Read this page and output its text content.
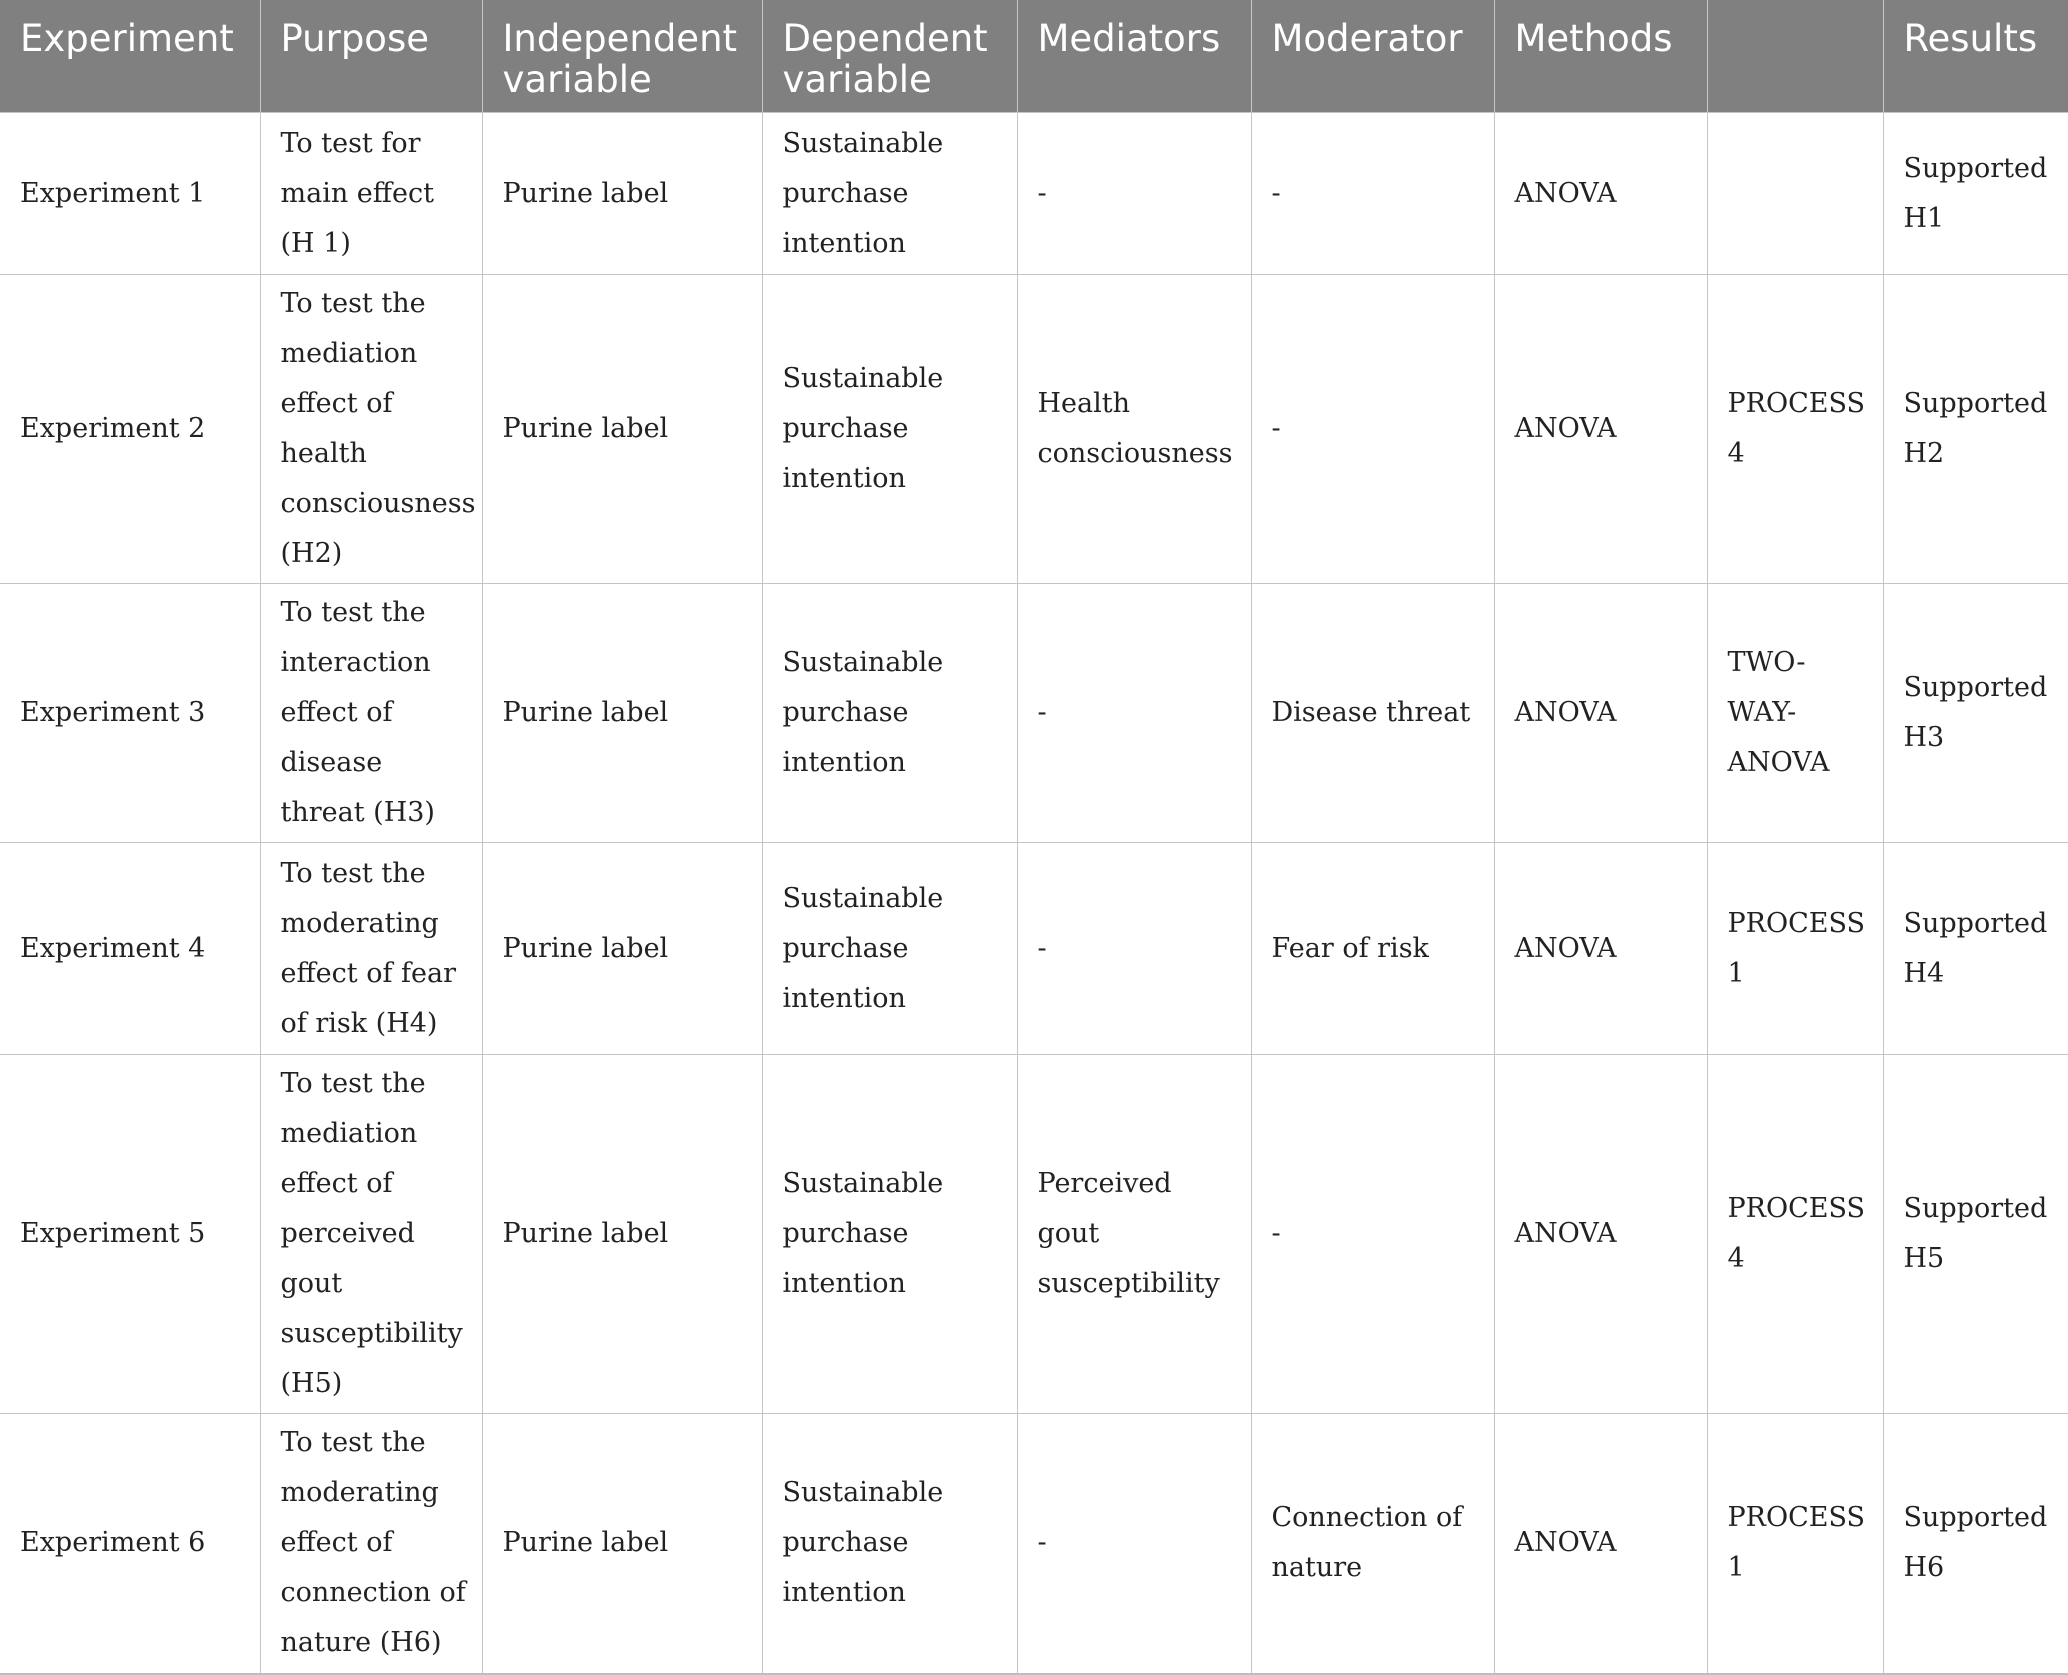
Experiment	Purpose	Independent variable	Dependent variable	Mediators	Moderator	Methods		Results
Experiment 1	To test for main effect (H 1)	Purine label	Sustainable purchase intention	-	-	ANOVA		Supported H1
Experiment 2	To test the mediation effect of health consciousness (H2)	Purine label	Sustainable purchase intention	Health consciousness	-	ANOVA	PROCESS 4	Supported H2
Experiment 3	To test the interaction effect of disease threat (H3)	Purine label	Sustainable purchase intention	-	Disease threat	ANOVA	TWO-WAY-ANOVA	Supported H3
Experiment 4	To test the moderating effect of fear of risk (H4)	Purine label	Sustainable purchase intention	-	Fear of risk	ANOVA	PROCESS 1	Supported H4
Experiment 5	To test the mediation effect of perceived gout susceptibility (H5)	Purine label	Sustainable purchase intention	Perceived gout susceptibility	-	ANOVA	PROCESS 4	Supported H5
Experiment 6	To test the moderating effect of connection of nature (H6)	Purine label	Sustainable purchase intention	-	Connection of nature	ANOVA	PROCESS 1	Supported H6
